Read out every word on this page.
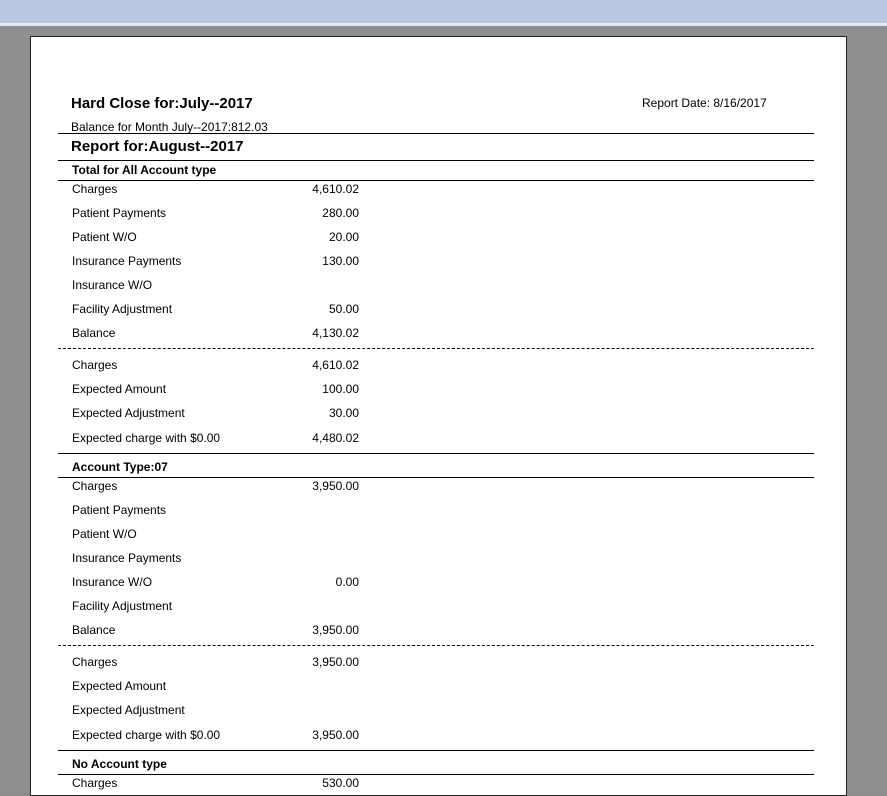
Hard Close for:July--2017	Report Date: 8/16/2017
Balance for Month July--2017:812.03
Report for:August--2017
Total for All Account type
Charges	4,610.02
Patient Payments	280.00
Patient W/O	20.00
Insurance Payments	130.00
Insurance W/O
Facility Adjustment	50.00
Balance	4,130.02
Charges	4,610.02
Expected Amount	100.00
Expected Adjustment	30.00
Expected charge with $0.00	4,480.02
Account Type:07
Charges	3,950.00
Patient Payments
Patient W/O
Insurance Payments
Insurance W/O	0.00
Facility Adjustment
Balance	3,950.00
Charges	3,950.00
Expected Amount
Expected Adjustment
Expected charge with $0.00	3,950.00
No Account type
Charges	530.00
